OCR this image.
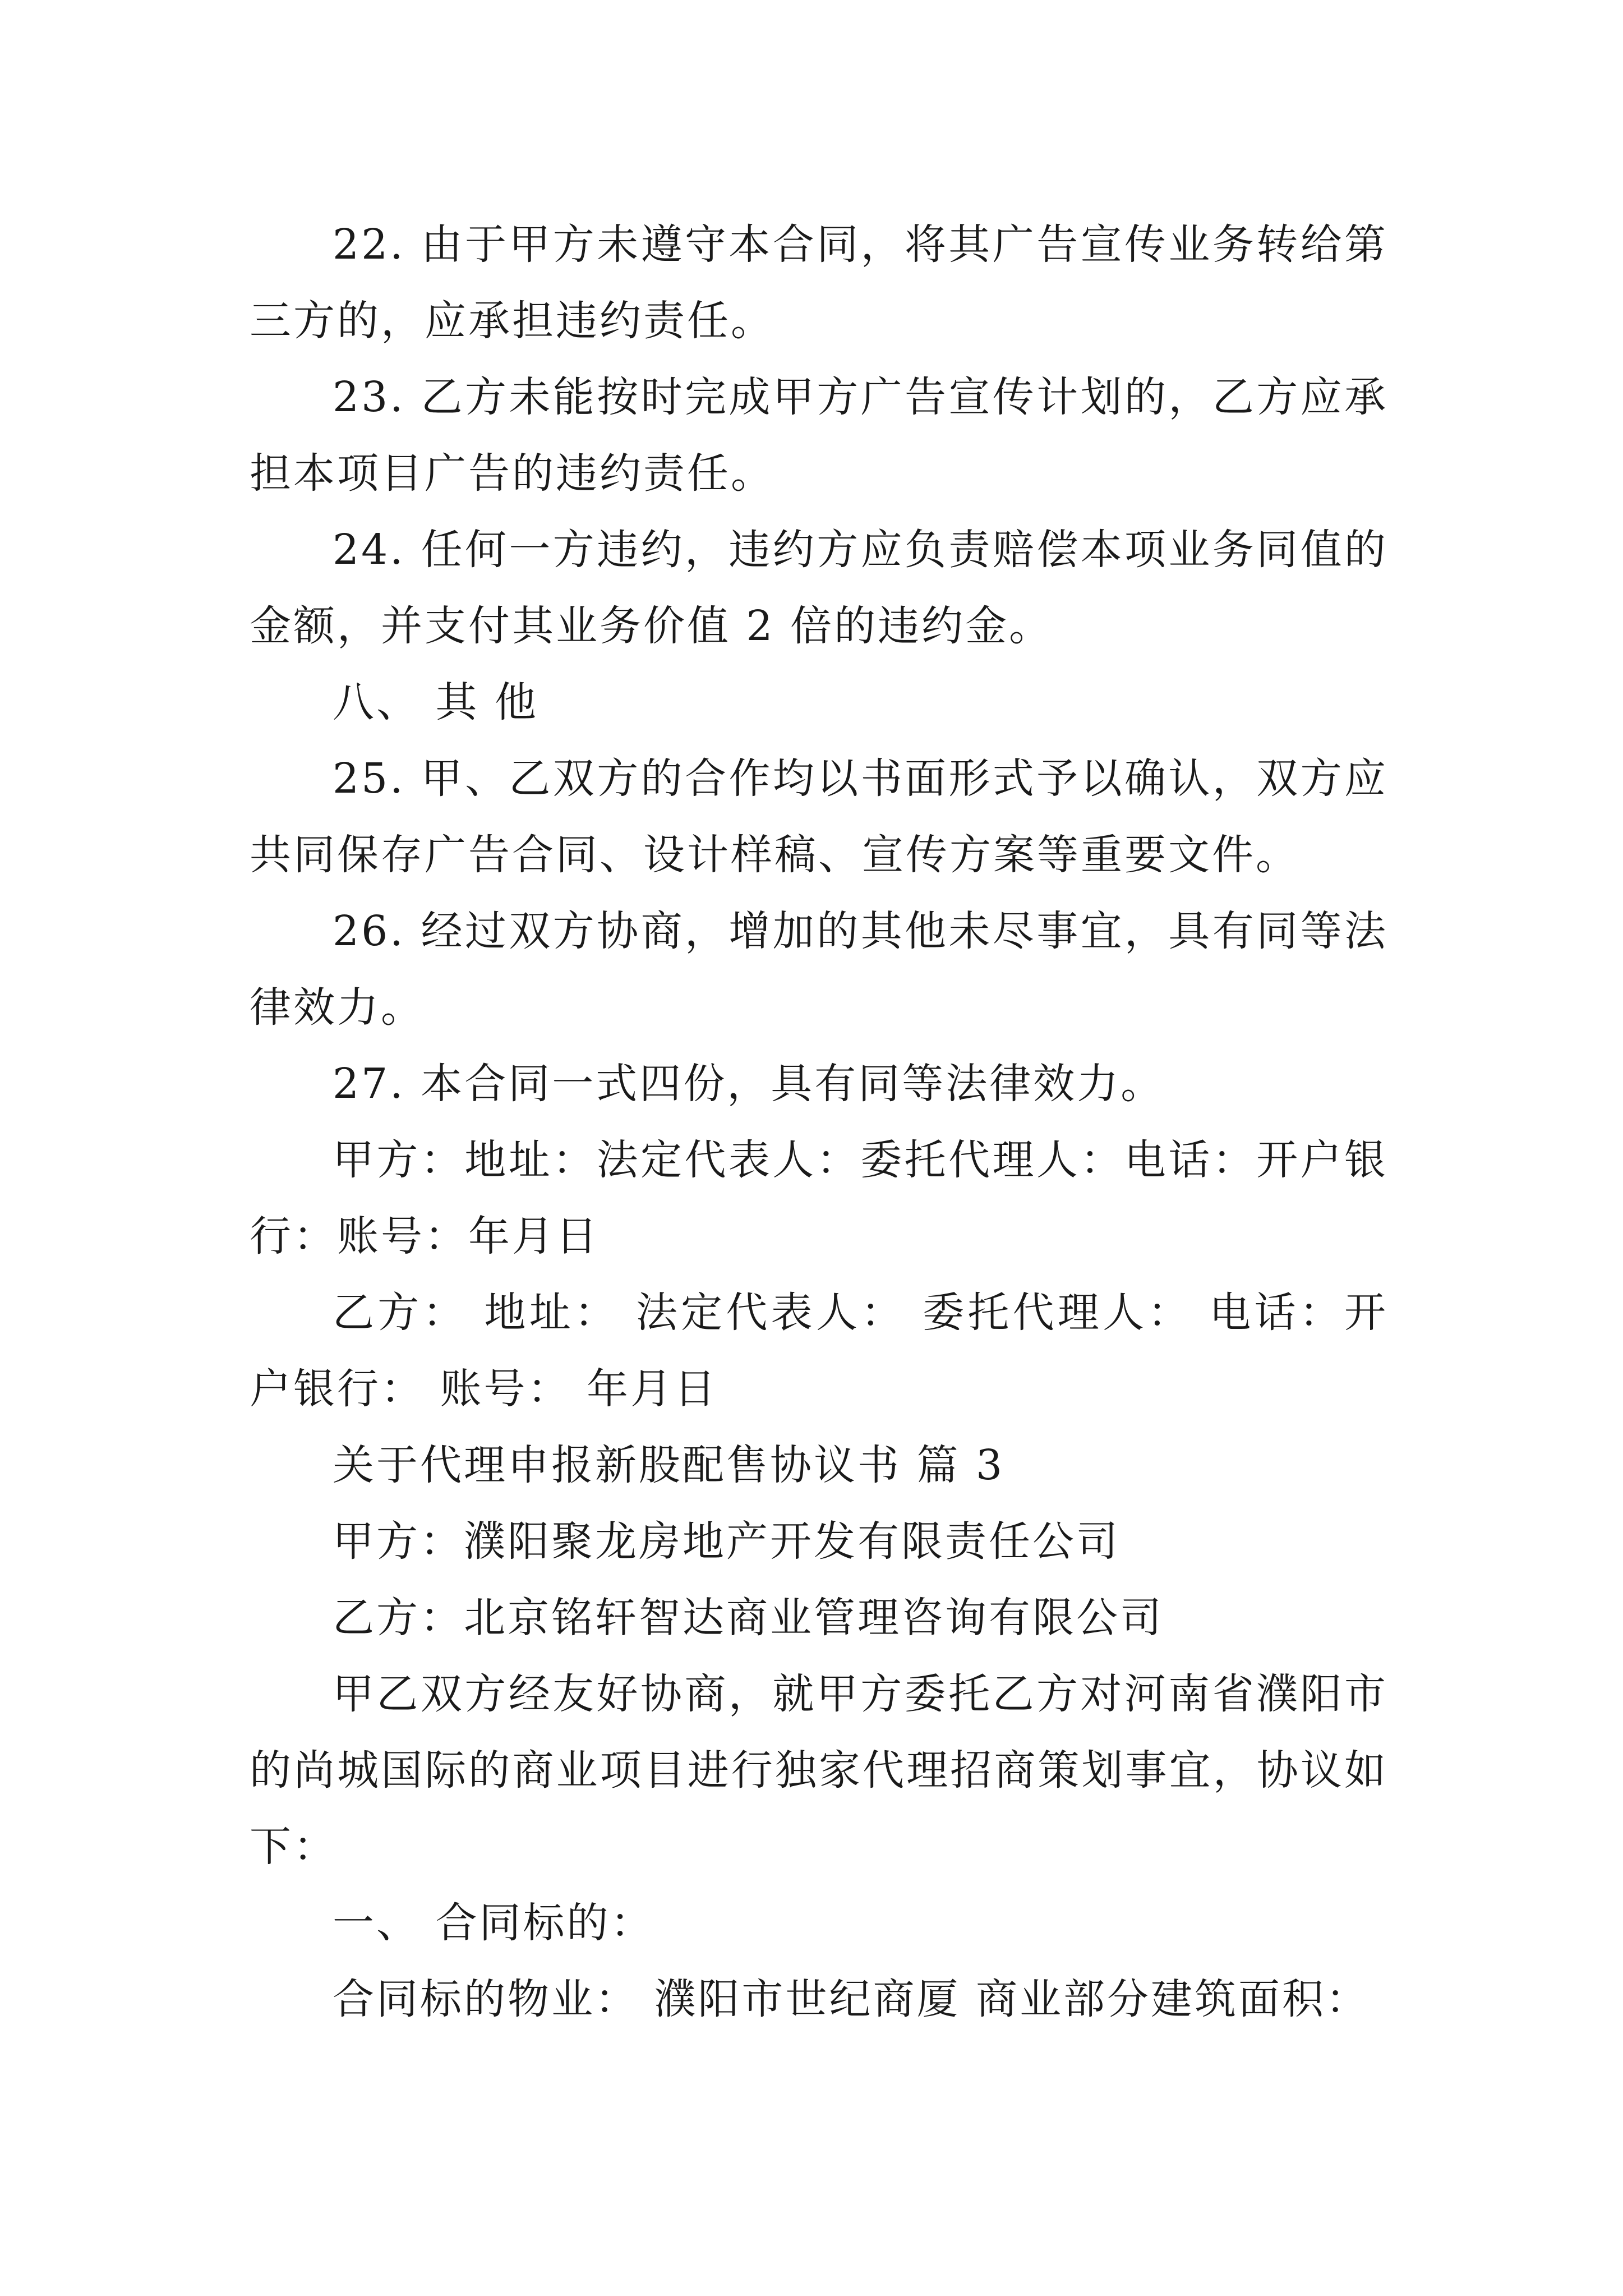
22. 由于甲方未遵守本合同，将其广告宣传业务转给第三方的，应承担违约责任。

23. 乙方未能按时完成甲方广告宣传计划的，乙方应承担本项目广告的违约责任。

24. 任何一方违约，违约方应负责赔偿本项业务同值的金额，并支付其业务价值 2 倍的违约金。

八、 其 他

25. 甲、乙双方的合作均以书面形式予以确认，双方应共同保存广告合同、设计样稿、宣传方案等重要文件。

26. 经过双方协商，增加的其他未尽事宜，具有同等法律效力。

27. 本合同一式四份，具有同等法律效力。

甲方：地址：法定代表人：委托代理人：电话：开户银行：账号：年月日

乙方： 地址： 法定代表人： 委托代理人： 电话：开户银行： 账号： 年月日

关于代理申报新股配售协议书 篇 3

甲方：濮阳聚龙房地产开发有限责任公司

乙方：北京铭轩智达商业管理咨询有限公司

甲乙双方经友好协商，就甲方委托乙方对河南省濮阳市的尚城国际的商业项目进行独家代理招商策划事宜，协议如下：

一、 合同标的：

合同标的物业： 濮阳市世纪商厦 商业部分建筑面积：
